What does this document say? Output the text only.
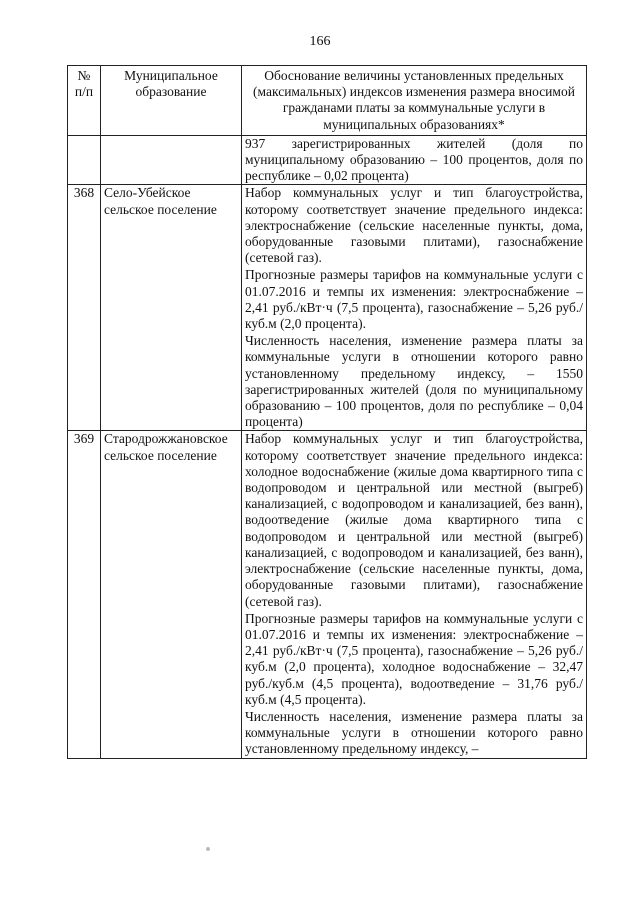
166
№ п/п	Муниципальное образование	Обоснование величины установленных предельных (максимальных) индексов изменения размера вносимой гражданами платы за коммунальные услуги в муниципальных образованиях*

		937 зарегистрированных жителей (доля по муниципальному образованию – 100 процентов, доля по республике – 0,02 процента)

368	Село-Убейское сельское поселение	Набор коммунальных услуг и тип благоустройства, которому соответствует значение предельного индекса: электроснабжение (сельские населенные пункты, дома, оборудованные газовыми плитами), газоснабжение (сетевой газ).

Прогнозные размеры тарифов на коммунальные услуги с 01.07.2016 и темпы их изменения: электроснабжение – 2,41 руб./кВт·ч (7,5 процента), газоснабжение – 5,26 руб./куб.м (2,0 процента).

Численность населения, изменение размера платы за коммунальные услуги в отношении которого равно установленному предельному индексу, – 1550 зарегистрированных жителей (доля по муниципальному образованию – 100 процентов, доля по республике – 0,04 процента)

369	Стародрожжановское сельское поселение	Набор коммунальных услуг и тип благоустройства, которому соответствует значение предельного индекса: холодное водоснабжение (жилые дома квартирного типа с водопроводом и центральной или местной (выгреб) канализацией, с водопроводом и канализацией, без ванн), водоотведение (жилые дома квартирного типа с водопроводом и центральной или местной (выгреб) канализацией, с водопроводом и канализацией, без ванн), электроснабжение (сельские населенные пункты, дома, оборудованные газовыми плитами), газоснабжение (сетевой газ).

Прогнозные размеры тарифов на коммунальные услуги с 01.07.2016 и темпы их изменения: электроснабжение – 2,41 руб./кВт·ч (7,5 процента), газоснабжение – 5,26 руб./куб.м (2,0 процента), холодное водоснабжение – 32,47 руб./куб.м (4,5 процента), водоотведение – 31,76 руб./куб.м (4,5 процента).

Численность населения, изменение размера платы за коммунальные услуги в отношении которого равно установленному предельному индексу, –
